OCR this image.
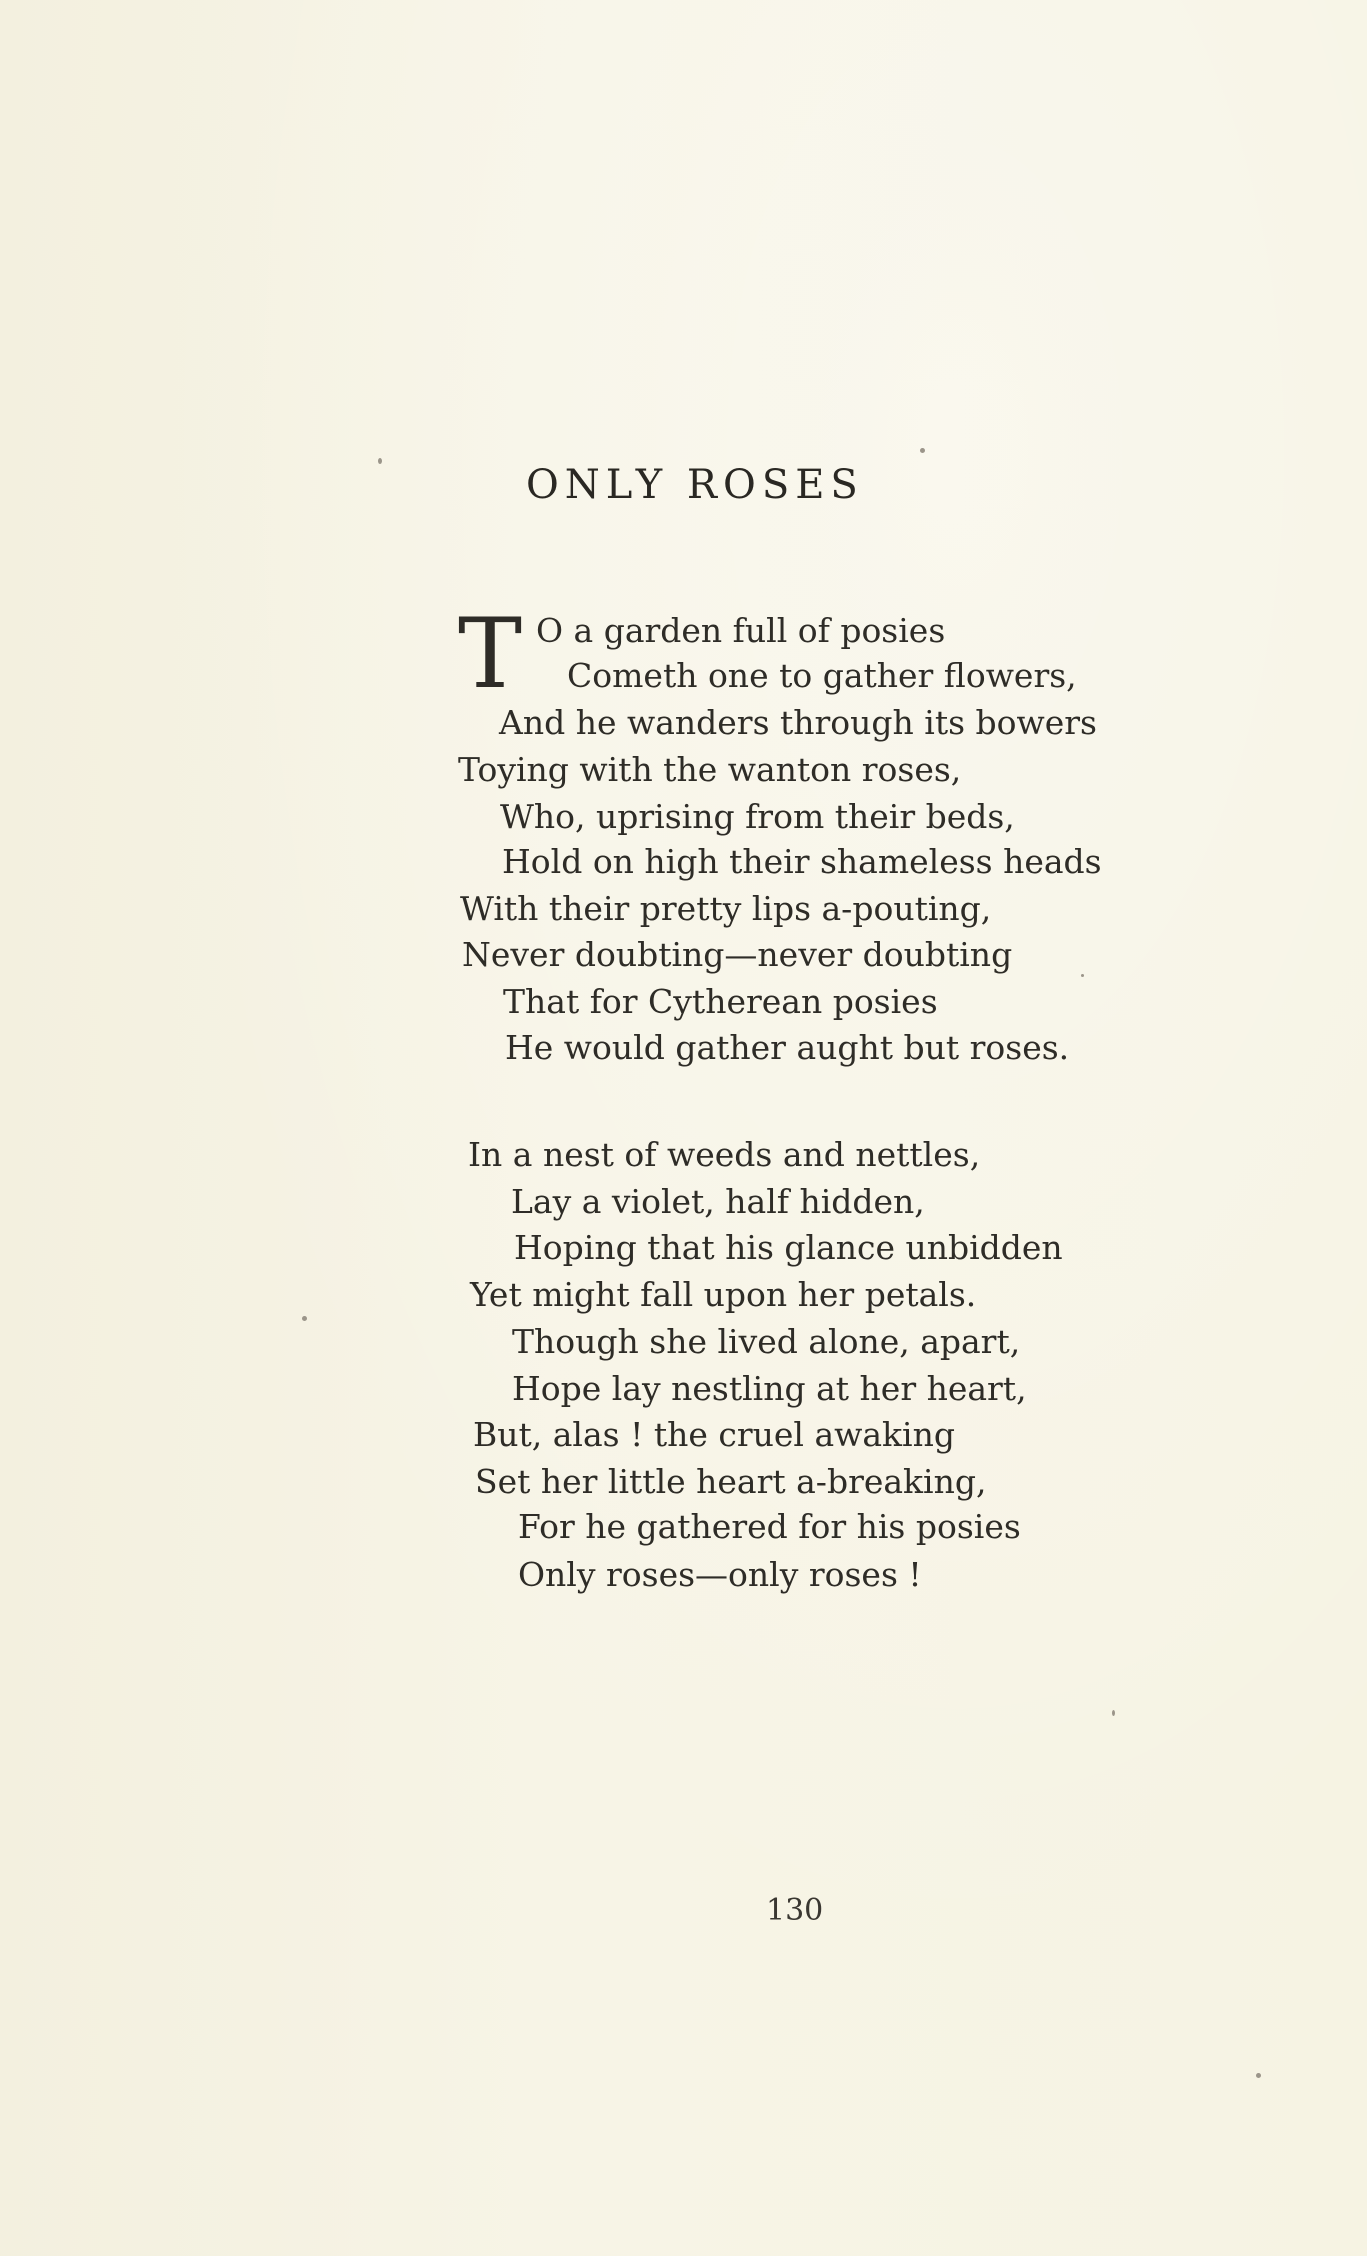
ONLY ROSES
T O a garden full of posies

Cometh one to gather flowers,

And he wanders through its bowers

Toying with the wanton roses,

Who, uprising from their beds,

Hold on high their shameless heads

With their pretty lips a-pouting,

Never doubting—never doubting

That for Cytherean posies

He would gather aught but roses.

In a nest of weeds and nettles,

Lay a violet, half hidden,

Hoping that his glance unbidden

Yet might fall upon her petals.

Though she lived alone, apart,

Hope lay nestling at her heart,

But, alas ! the cruel awaking

Set her little heart a-breaking,

For he gathered for his posies

Only roses—only roses !

130
